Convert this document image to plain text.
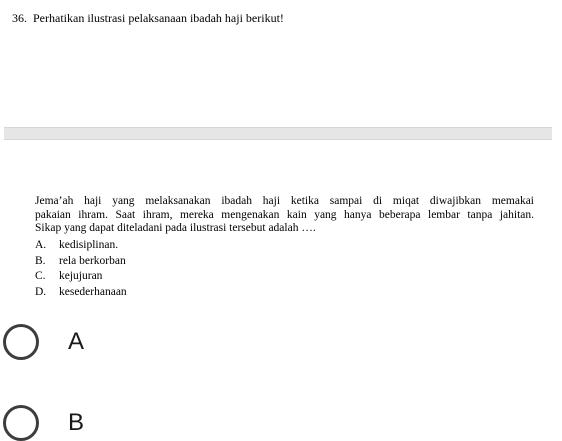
36. Perhatikan ilustrasi pelaksanaan ibadah haji berikut!
Jema’ah haji yang melaksanakan ibadah haji ketika sampai di miqat diwajibkan memakai
pakaian ihram. Saat ihram, mereka mengenakan kain yang hanya beberapa lembar tanpa jahitan.
Sikap yang dapat diteladani pada ilustrasi tersebut adalah ….
A. kedisiplinan.
B. rela berkorban
C. kejujuran
D. kesederhanaan
A
B
